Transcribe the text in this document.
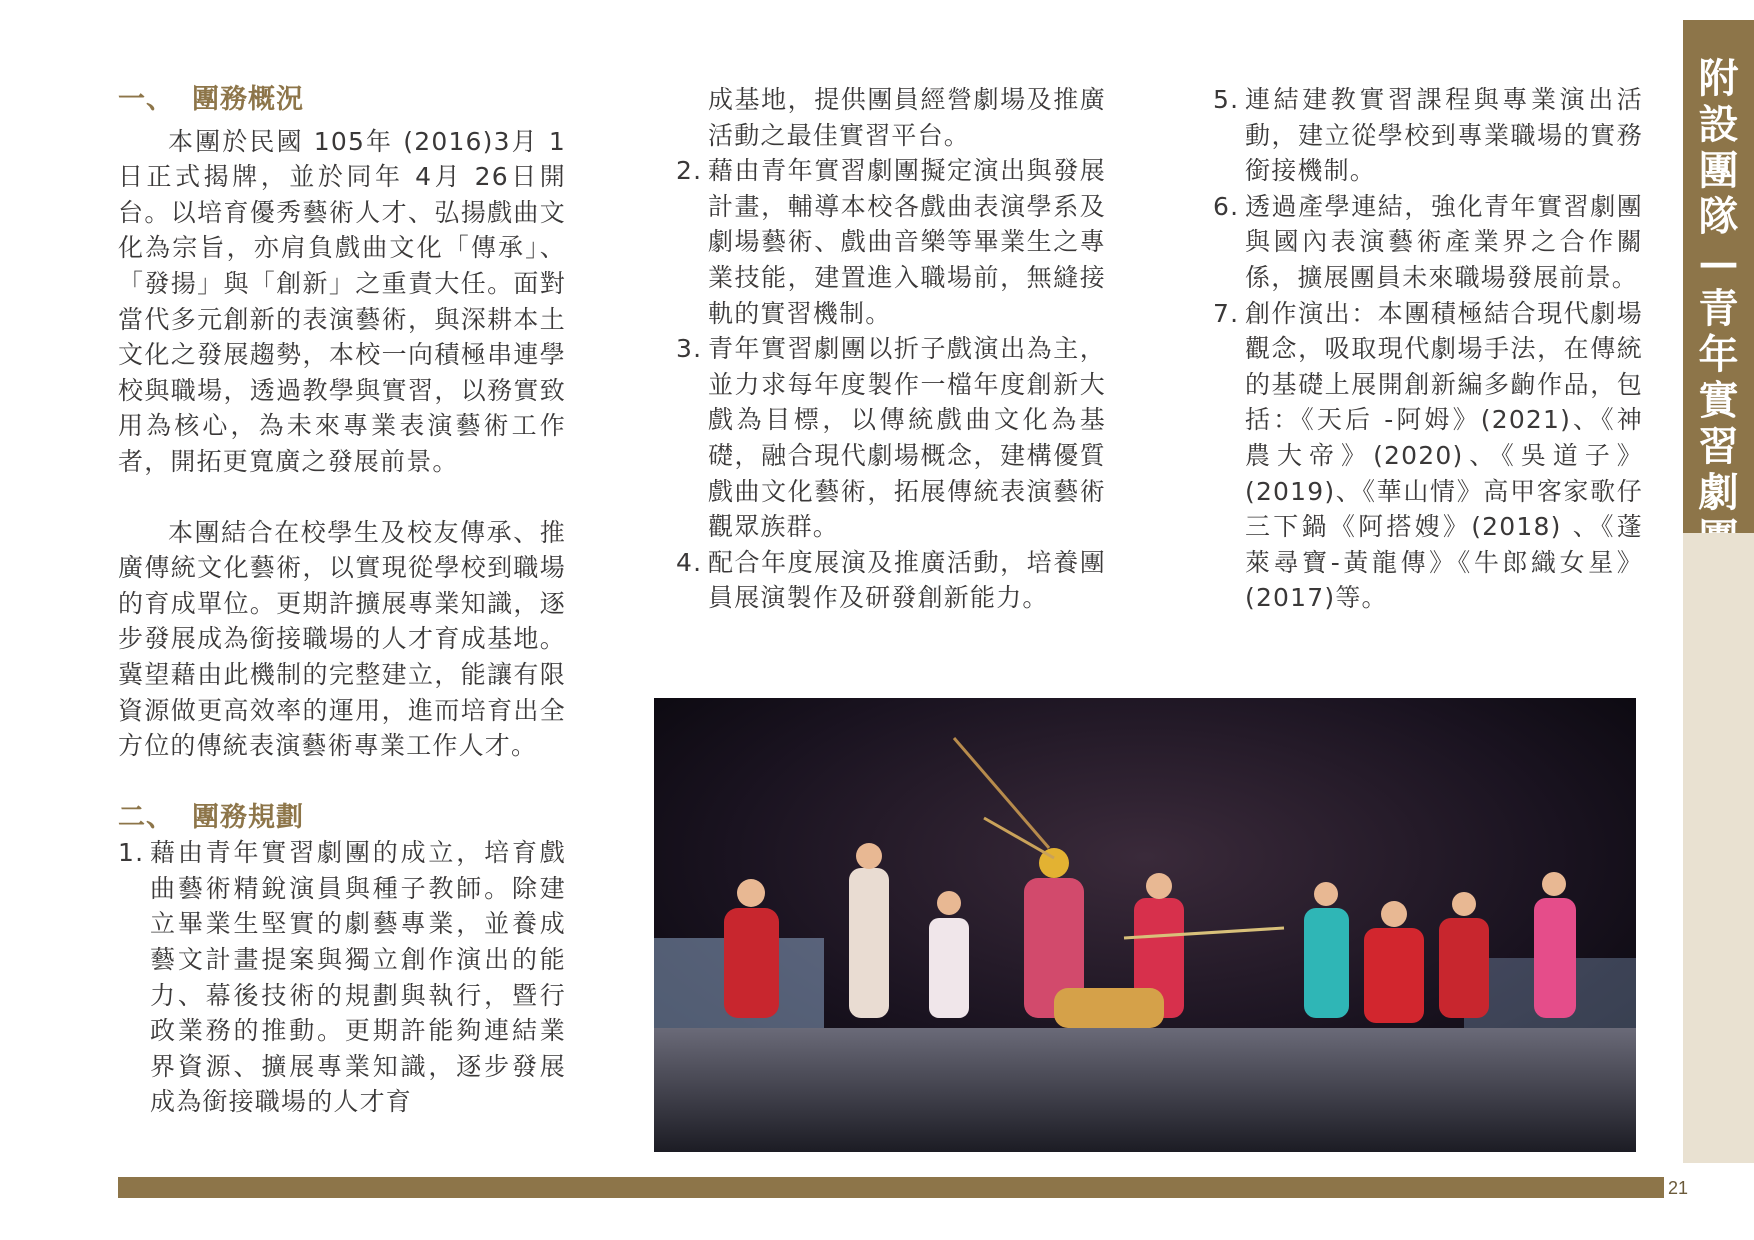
一、 團務概況

本團於民國 105年 (2016)3月 1日正式揭牌，並於同年 4月 26日開台。以培育優秀藝術人才、弘揚戲曲文化為宗旨，亦肩負戲曲文化「傳承」、「發揚」與「創新」之重責大任。面對當代多元創新的表演藝術，與深耕本土文化之發展趨勢，本校一向積極串連學校與職場，透過教學與實習，以務實致用為核心，為未來專業表演藝術工作者，開拓更寬廣之發展前景。

本團結合在校學生及校友傳承、推廣傳統文化藝術，以實現從學校到職場的育成單位。更期許擴展專業知識，逐步發展成為銜接職場的人才育成基地。冀望藉由此機制的完整建立，能讓有限資源做更高效率的運用，進而培育出全方位的傳統表演藝術專業工作人才。

二、 團務規劃
1. 藉由青年實習劇團的成立，培育戲曲藝術精銳演員與種子教師。除建立畢業生堅實的劇藝專業，並養成藝文計畫提案與獨立創作演出的能力、幕後技術的規劃與執行，暨行政業務的推動。更期許能夠連結業界資源、擴展專業知識，逐步發展成為銜接職場的人才育

成基地，提供團員經營劇場及推廣活動之最佳實習平台。

2. 藉由青年實習劇團擬定演出與發展計畫，輔導本校各戲曲表演學系及劇場藝術、戲曲音樂等畢業生之專業技能，建置進入職場前，無縫接軌的實習機制。
3. 青年實習劇團以折子戲演出為主，並力求每年度製作一檔年度創新大戲為目標，以傳統戲曲文化為基礎，融合現代劇場概念，建構優質戲曲文化藝術，拓展傳統表演藝術觀眾族群。
4. 配合年度展演及推廣活動，培養團員展演製作及研發創新能力。
5. 連結建教實習課程與專業演出活動，建立從學校到專業職場的實務銜接機制。
6. 透過產學連結，強化青年實習劇團與國內表演藝術產業界之合作關係，擴展團員未來職場發展前景。
7. 創作演出：本團積極結合現代劇場觀念，吸取現代劇場手法，在傳統的基礎上展開創新編多齣作品，包括：《天后 -阿姆》(2021)、《神農大帝》(2020)、《吳道子》(2019)、《華山情》高甲客家歌仔三下鍋《阿搭嫂》(2018) 、《蓬萊尋寶-黃龍傳》《牛郎織女星》(2017)等。
附
設
團
隊
—
青
年
實
習
劇
21
